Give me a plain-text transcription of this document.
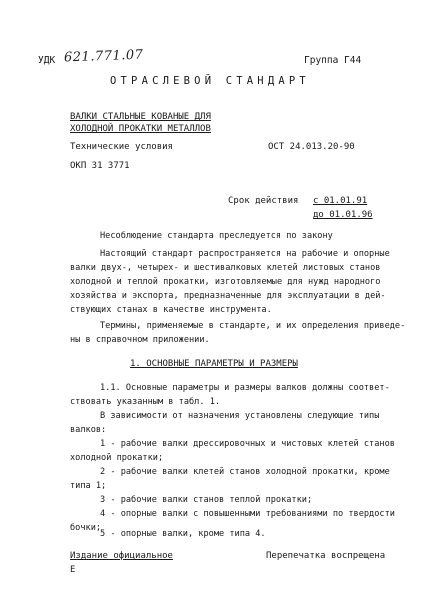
УДК 621.771.07	Группа Г44
ОТРАСЛЕВОЙ СТАНДАРТ
ВАЛКИ СТАЛЬНЫЕ КОВАНЫЕ ДЛЯ
ХОЛОДНОЙ ПРОКАТКИ МЕТАЛЛОВ
Технические условия	ОСТ 24.013.20-90
ОКП 31 3771
Срок действия с 01.01.91
до 01.01.96
Несоблюдение стандарта преследуется по закону
Настоящий стандарт распространяется на рабочие и опорные
валки двух-, четырех- и шестивалковых клетей листовых станов
холодной и теплой прокатки, изготовляемые для нужд народного
хозяйства и экспорта, предназначенные для эксплуатации в дей-
ствующих станах в качестве инструмента.
Термины, применяемые в стандарте, и их определения приведе-
ны в справочном приложении.
1. ОСНОВНЫЕ ПАРАМЕТРЫ И РАЗМЕРЫ
1.1. Основные параметры и размеры валков должны соответ-
ствовать указанным в табл. 1.
В зависимости от назначения установлены следующие типы
валков:
1 - рабочие валки дрессировочных и чистовых клетей станов
холодной прокатки;
2 - рабочие валки клетей станов холодной прокатки, кроме
типа 1;
3 - рабочие валки станов теплой прокатки;
4 - опорные валки с повышенными требованиями по твердости
бочки;
5 - опорные валки, кроме типа 4.
Издание официальное
Е
Перепечатка воспрещена
